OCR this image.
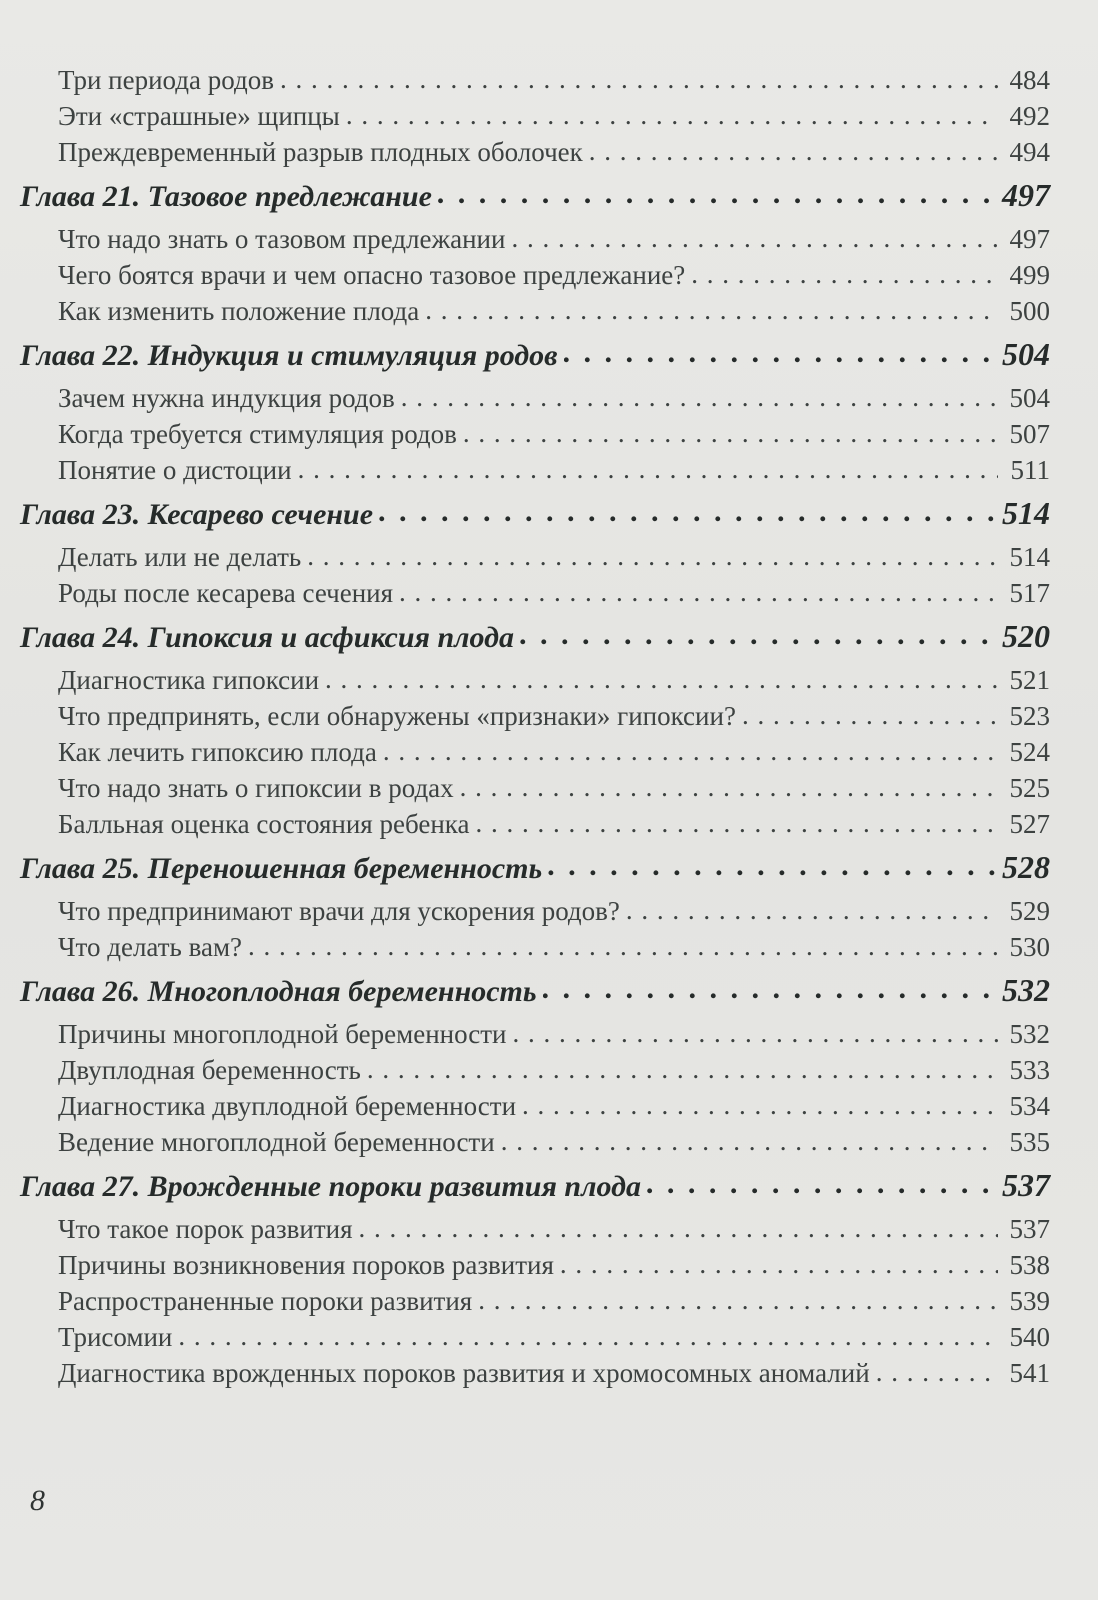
Три периода родов . . .	484
Эти «страшные» щипцы . . .	492
Преждевременный разрыв плодных оболочек . . .	494
Глава 21. Тазовое предлежание . . .	497
Что надо знать о тазовом предлежании . . .	497
Чего боятся врачи и чем опасно тазовое предлежание? . . .	499
Как изменить положение плода . . .	500
Глава 22. Индукция и стимуляция родов . . .	504
Зачем нужна индукция родов . . .	504
Когда требуется стимуляция родов . . .	507
Понятие о дистоции . . .	511
Глава 23. Кесарево сечение . . .	514
Делать или не делать . . .	514
Роды после кесарева сечения . . .	517
Глава 24. Гипоксия и асфиксия плода . . .	520
Диагностика гипоксии . . .	521
Что предпринять, если обнаружены «признаки» гипоксии? . . .	523
Как лечить гипоксию плода . . .	524
Что надо знать о гипоксии в родах . . .	525
Балльная оценка состояния ребенка . . .	527
Глава 25. Переношенная беременность . . .	528
Что предпринимают врачи для ускорения родов? . . .	529
Что делать вам? . . .	530
Глава 26. Многоплодная беременность . . .	532
Причины многоплодной беременности . . .	532
Двуплодная беременность . . .	533
Диагностика двуплодной беременности . . .	534
Ведение многоплодной беременности . . .	535
Глава 27. Врожденные пороки развития плода . . .	537
Что такое порок развития . . .	537
Причины возникновения пороков развития . . .	538
Распространенные пороки развития . . .	539
Трисомии . . .	540
Диагностика врожденных пороков развития и хромосомных аномалий . . .	541
8
